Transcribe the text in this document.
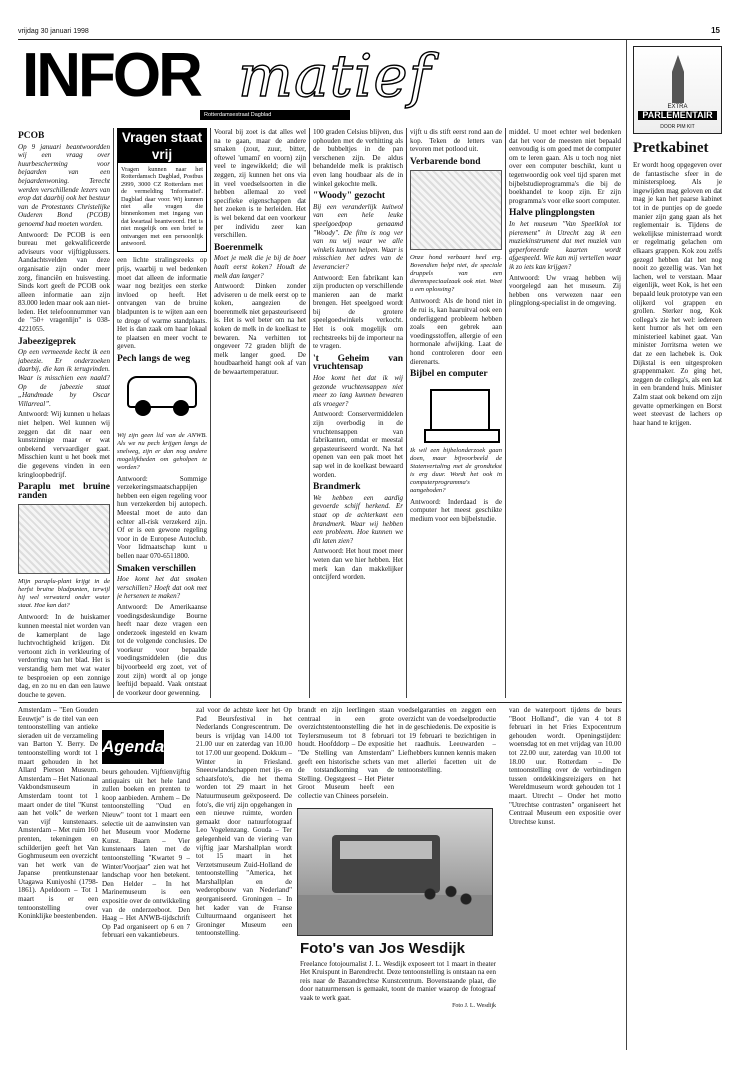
vrijdag 30 januari 1998	15
INFOR matief
Rotterdamsestraat Dagblad
PCOB

Op 9 januari beantwoordden wij een vraag over huurbescherming voor bejaarden van een bejaardenwoning. Terecht werden verschillende lezers van erop dat daarbij ook het bestuur van de Protestants Christelijke Ouderen Bond (PCOB) genoemd had moeten worden.

Antwoord: De PCOB is een bureau met gekwalificeerde adviseurs voor vijftigplussers. Aandachtsvelden van deze organisatie zijn onder meer zorg, financiën en huisvesting. Sinds kort geeft de PCOB ook alleen informatie aan zijn 83.000 leden maar ook aan niet-leden. Het telefoonnummer van de "50+ vragenlijn" is 038-4221055.

Jabeezigeprek

Op een vermeende kecht ik een jabeezie. Er onderzoeken daarbij, die kan ik terugvinden. Waar is misschien een naald? Op de jabeezie staat „Handmade by Oscar Villarreal”.

Antwoord: Wij kunnen u helaas niet helpen. Wel kunnen wij zeggen dat dit naar een kunstzinnige maar er wat onbekend vervaardiger gaat. Misschien kunt u het boek met die gegevens vinden in een kringloopbedrijf.

Paraplu met bruine randen

Mijn paraplu-plant krijgt in de herfst bruine bladpunten, terwijl hij wel verwaterd onder water staat. Hoe kan dat?

Antwoord: In de huiskamer kunnen meestal niet worden van de kamerplant de lage luchtvochtigheid krijgen. Dit vertoont zich in verkleuring of verdorring van het blad. Het is verstandig hem met wat water te besproeien op een zonnige dag, en zo nu en dan een lauwe douche te geven.

Vragen staat vrij
Vragen kunnen naar het Rotterdamsch Dagblad, Postbus 2999, 3000 CZ Rotterdam met de vermelding 'Informatief'. Dagblad daar voor. Wij kunnen niet alle vragen die binnenkomen met ingang van dat kwartaal beantwoord. Het is niet mogelijk om een brief te ontvangen met een persoonlijk antwoord.

een lichte stralingsreeks op prijs, waarbij u wel bedenken moet dat alleen de informatie waar nog bezitjes een sterke invloed op heeft. Het ontvangen van de bruine bladpunten is te wijten aan een te droge of warme standplaats. Het is dan zaak om haar lokaal te plaatsen en meer vocht te geven.

Pech langs de weg

Wij zijn geen lid van de ANWB. Als we nu pech krijgen langs de snelweg, zijn er dan nog andere mogelijkheden om geholpen te worden?

Antwoord: Sommige verzekeringsmaatschappijen hebben een eigen regeling voor hun verzekerden bij autopech. Meestal moet de auto dan echter all-risk verzekerd zijn. Of er is een gewone regeling voor in de Europese Autoclub. Voor lidmaatschap kunt u bellen naar 070-6511800.

Smaken verschillen

Hoe komt het dat smaken verschillen? Hoeft dat ook met je hersenen te maken?

Antwoord: De Amerikaanse voedingsdeskundige Bourne heeft naar deze vragen een onderzoek ingesteld en kwam tot de volgende conclusies. De voorkeur voor bepaalde voedingsmiddelen (die dus bijvoorbeeld erg zoet, vet of zout zijn) wordt al op jonge leeftijd bepaald. Vaak ontstaat de voorkeur door gewenning.

Vooral bij zoet is dat alles wel na te gaan, maar de andere smaken (zout, zuur, bitter, oftewel 'umami' en voorn) zijn veel te ingewikkeld; die wil zeggen, zij kunnen het ons via in veel voedselsoorten in die hebben allemaal zo veel specifieke eigenschappen dat het zoeken is te herleiden. Het is wel bekend dat een voorkeur per individu zeer kan verschillen.

Boerenmelk

Moet je melk die je bij de boer haalt eerst koken? Houdt de melk dan langer?

Antwoord: Dinken zonder adviseren u de melk eerst op te koken, aangezien de boerenmelk niet gepasteuriseerd is. Het is wel beter om na het koken de melk in de koelkast te bewaren. Na verhitten tot ongeveer 72 graden blijft de melk langer goed. De houdbaarheid hangt ook af van de bewaartemperatuur.

100 graden Celsius blijven, dus ophouden met de verhitting als de bubbeltjes in de pan verschenen zijn. De aldus behandelde melk is praktisch even lang houdbaar als de in winkel gekochte melk.

"Woody" gezocht

Bij een veranderlijk kuitwol van een hele leuke speelgoedpop genaamd "Woody". De film is nog ver van nu wij waar we alle winkels kunnen helpen. Waar is misschien het adres van de leverancier?

Antwoord: Een fabrikant kan zijn producten op verschillende manieren aan de markt brengen. Het speelgoed wordt bij de grotere speelgoedwinkels verkocht. Het is ook mogelijk om rechtstreeks bij de importeur na te vragen.

't Geheim van vruchtensap

Hoe komt het dat ik wij gezonde vruchtensappen niet meer zo lang kunnen bewaren als vroeger?

Antwoord: Conservermiddelen zijn overbodig in de vruchtensappen van fabrikanten, omdat er meestal gepasteuriseerd wordt. Na het openen van een pak moet het sap wel in de koelkast bewaard worden.

Brandmerk

We hebben een aardig gevoerde schijf herkend. Er staat op de achterkant een brandmerk. Waar wij hebben een probleem. Hoe kunnen we dit laten zien?

Antwoord: Het hout moet meer weten dan we hier hebben. Het merk kan dan makkelijker ontcijferd worden.

vijft u dis stift eerst rond aan de kop. Teken de letters van tevoren met potlood uit.

Verbarende bond

Onze hond verbaart heel erg. Bovendien helpt niet, de speciale druppels van een dierenspeciaalzaak ook niet. Weet u een oplossing?

Antwoord: Als de hond niet in de rui is, kan haaruitval ook een onderliggend probleem hebben zoals een gebrek aan voedingsstoffen, allergie of een hormonale afwijking. Laat de hond controleren door een dierenarts.

Bijbel en computer

Ik wil een bijbelonderzoek gaan doen, maar bijvoorbeeld de Statenvertaling met de grondtekst is erg duur. Wordt het ook in computerprogramma's aangeboden?

Antwoord: Inderdaad is de computer het meest geschikte medium voor een bijbelstudie.

middel. U moet echter wel bedenken dat het voor de meesten niet bepaald eenvoudig is om goed met de computer om te leren gaan. Als u toch nog niet over een computer beschikt, kunt u tegenwoordig ook veel tijd sparen met bijbelstudieprogramma's die bij de boekhandel te koop zijn. Er zijn programma's voor elke soort computer.

Halve plingplongsten

In het museum "Van Speelklok tot pierement" in Utrecht zag ik een muziekinstrument dat met muziek van geperforeerde kaarten wordt afgespeeld. Wie kan mij vertellen waar ik zo iets kan krijgen?

Antwoord: Uw vraag hebben wij voorgelegd aan het museum. Zij hebben ons verwezen naar een plingplong-specialist in de omgeving.

EXTRA
PARLEMENTAIR
DOOR PIM KIT
Pretkabinet

Er wordt hoog opgegeven over de fantastische sfeer in de ministersploeg. Als je ingewijden mag geloven en dat mag je kan het paarse kabinet tot in de puntjes op de goede manier zijn gang gaan als het reglementair is. Tijdens de wekelijkse ministerraad wordt er regelmatig gelachen om elkaars grappen. Kok zou zelfs gezegd hebben dat het nog nooit zo gezellig was. Van het lachen, wel te verstaan. Maar eigenlijk, weet Kok, is het een bepaald leuk prototype van een olijkerd vol grappen en grollen. Sterker nog, Kok collega's zie het wel: iedereen kent humor als het om een ministerieel kabinet gaat. Van minister Jorritsma weten we dat ze een lachebek is. Ook Dijkstal is een uitgesproken grappenmaker. Zo ging het, zeggen de collega's, als een kat in een brandend huis. Minister Zalm staat ook bekend om zijn gevatte opmerkingen en Borst weet steevast de lachers op haar hand te krijgen.

Amsterdam – "Een Gouden Eeuwtje" is de titel van een tentoonstelling van antieke sieraden uit de verzameling van Barton Y. Berry. De tentoonstelling wordt tot 1 maart gehouden in het Allard Pierson Museum. Amsterdam – Het Nationaal Vakbondsmuseum in Amsterdam toont tot 1 maart onder de titel "Kunst aan het volk" de werken van vijf kunstenaars. Amsterdam – Met ruim 160 prenten, tekeningen en schilderijen geeft het Van Goghmuseum een overzicht van het werk van de Japanse prentkunstenaar Utagawa Kuniyoshi (1798-1861). Apeldoorn – Tot 1 maart is er een tentoonstelling over Koninklijke beestenbenden.

Agenda

beurs gehouden. Vijftienvijftig antiquairs uit het hele land zullen boeken en prenten te koop aanbieden. Arnhem – De tentoonstelling "Oud en Nieuw" toont tot 1 maart een selectie uit de aanwinsten van het Museum voor Moderne Kunst. Baarn – Vier kunstenaars laten met de tentoonstelling "Kwartet 9 – Winter/Voorjaar" zien wat het landschap voor hen betekent. Den Helder – In het Marinemuseum is een expositie over de ontwikkeling van de onderzeeboot. Den Haag – Het ANWB-tijdschrift Op Pad organiseert op 6 en 7 februari een vakantiebeurs.

zal voor de achtste keer het Op Pad Beursfestival in het Nederlands Congrescentrum. De beurs is vrijdag van 14.00 tot 21.00 uur en zaterdag van 10.00 tot 17.00 uur geopend. Dokkum – Winter in Friesland. Sneeuwlandschappen met ijs- en schaatsfoto's, die het thema worden tot 29 maart in het Natuurmuseum geëxposeerd. De foto's, die vrij zijn opgehangen in een nieuwe ruimte, worden gemaakt door natuurfotograaf Leo Vogelenzang. Gouda – Ter gelegenheid van de viering van vijftig jaar Marshallplan wordt tot 15 maart in het Verzetsmuseum Zuid-Holland de tentoonstelling "America, het Marshallplan en de wederopbouw van Nederland" georganiseerd. Groningen – In het kader van de Franse Cultuurmaand organiseert het Groninger Museum een tentoonstelling.

brandt en zijn leerlingen staan centraal in een grote overzichtstentoonstelling die het Teylersmuseum tot 8 februari houdt. Hoofddorp – De expositie "De Stelling van Amsterdam" geeft een historische schets van de totstandkoming van de Stelling. Oegstgeest – Het Pieter Groot Museum heeft een collectie van Chinees porselein.

voedselgaranties en zeggen een overzicht van de voedselproductie in de geschiedenis. De expositie is tot 19 februari te bezichtigen in het raadhuis. Leeuwarden – Liefhebbers kunnen kennis maken met allerlei facetten uit de tentoonstelling.

van de waterpoort tijdens de beurs "Boot Holland", die van 4 tot 8 februari in het Fries Expocentrum gehouden wordt. Openingstijden: woensdag tot en met vrijdag van 10.00 tot 22.00 uur, zaterdag van 10.00 tot 18.00 uur. Rotterdam – De tentoonstelling over de verbindingen tussen ontdekkingsreizigers en het Wereldmuseum wordt gehouden tot 1 maart. Utrecht – Onder het motto "Utrechtse contrasten" organiseert het Centraal Museum een expositie over Utrechtse kunst.

Foto's van Jos Wesdijk
Freelance fotojournalist J. L. Wesdijk exposeert tot 1 maart in theater Het Kruispunt in Barendrecht. Deze tentoonstelling is ontstaan na een reis naar de Bazandrechtse Kunstcentrum. Bovenstaande plaat, die door natuurmensen is gemaakt, toont de manier waarop de fotograaf vaak te werk gaat.
Foto J. L. Wesdijk
